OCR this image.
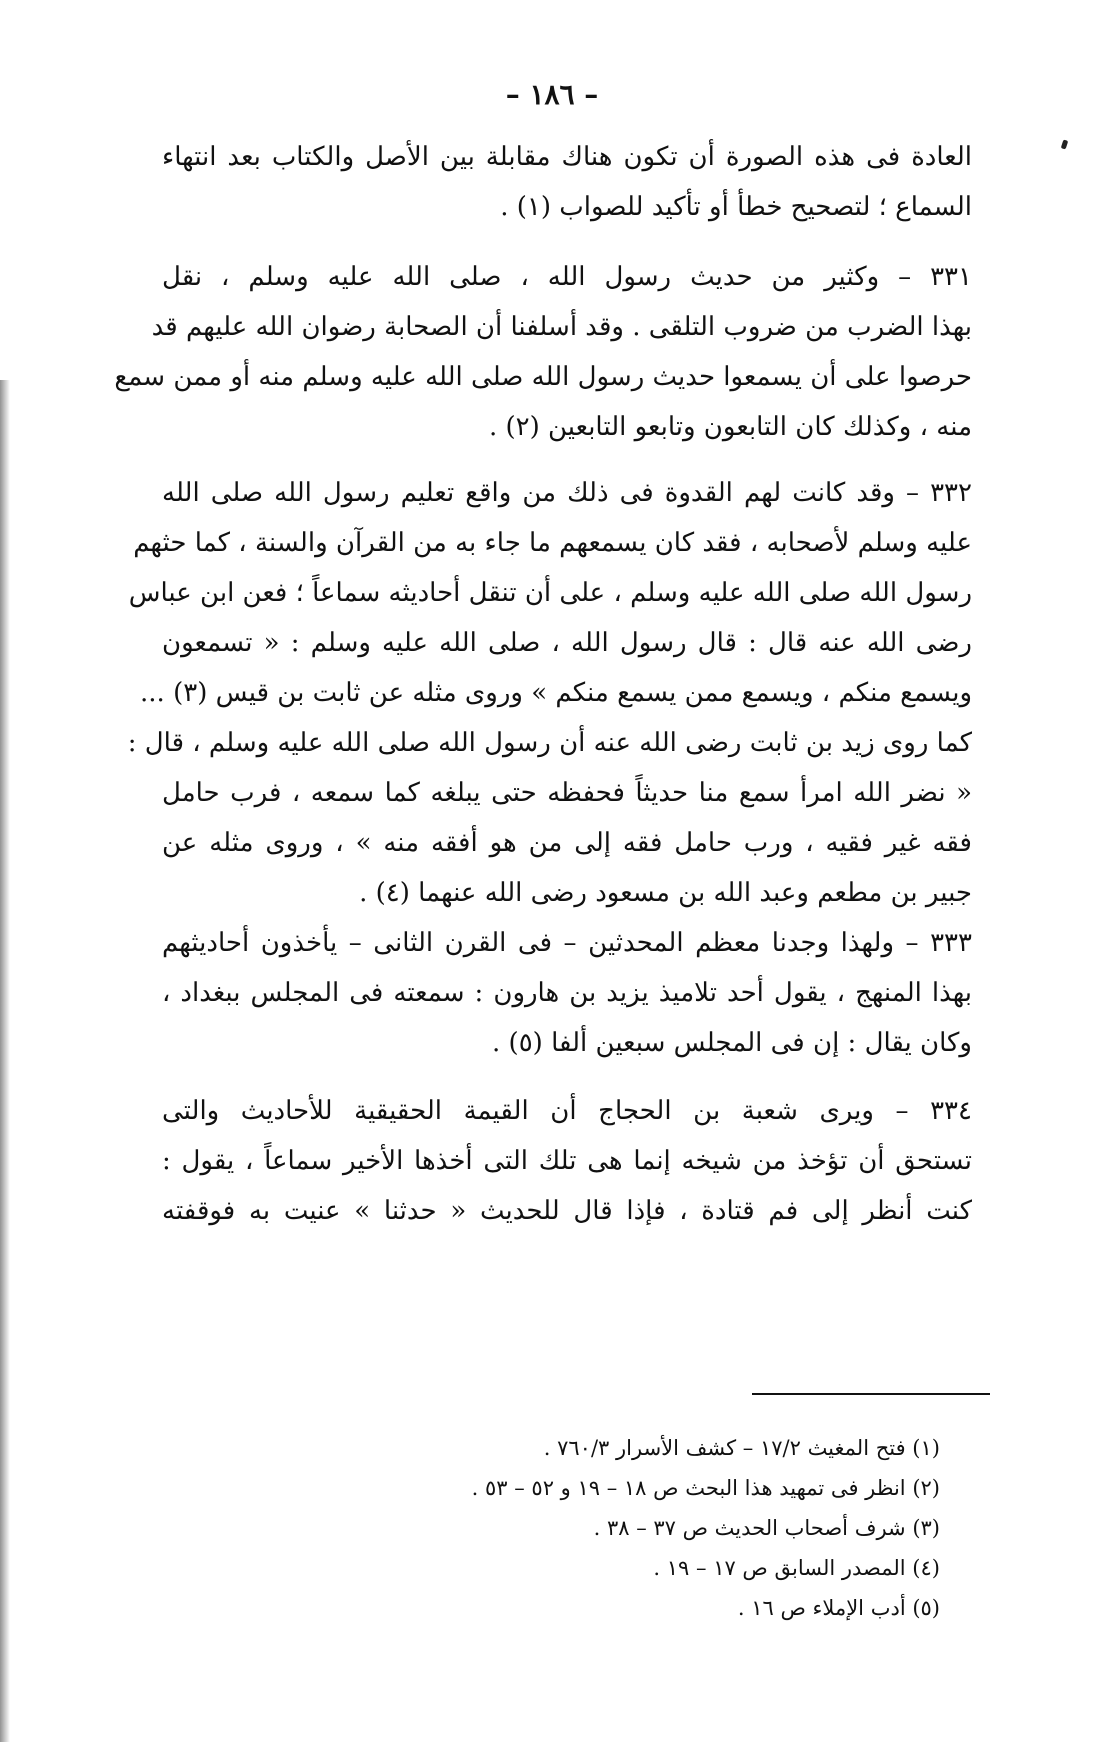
– ١٨٦ –
العادة فى هذه الصورة أن تكون هناك مقابلة بين الأصل والكتاب بعد انتهاء
السماع ؛ لتصحيح خطأ أو تأكيد للصواب (١) .
٣٣١ – وكثير من حديث رسول الله ، صلى الله عليه وسلم ، نقل
بهذا الضرب من ضروب التلقى . وقد أسلفنا أن الصحابة رضوان الله عليهم قد
حرصوا على أن يسمعوا حديث رسول الله صلى الله عليه وسلم منه أو ممن سمع
منه ، وكذلك كان التابعون وتابعو التابعين (٢) .
٣٣٢ – وقد كانت لهم القدوة فى ذلك من واقع تعليم رسول الله صلى الله
عليه وسلم لأصحابه ، فقد كان يسمعهم ما جاء به من القرآن والسنة ، كما حثهم
رسول الله صلى الله عليه وسلم ، على أن تنقل أحاديثه سماعاً ؛ فعن ابن عباس
رضى الله عنه قال : قال رسول الله ، صلى الله عليه وسلم : « تسمعون
ويسمع منكم ، ويسمع ممن يسمع منكم » وروى مثله عن ثابت بن قيس (٣) ...
كما روى زيد بن ثابت رضى الله عنه أن رسول الله صلى الله عليه وسلم ، قال :
« نضر الله امرأ سمع منا حديثاً فحفظه حتى يبلغه كما سمعه ، فرب حامل
فقه غير فقيه ، ورب حامل فقه إلى من هو أفقه منه » ، وروى مثله عن
جبير بن مطعم وعبد الله بن مسعود رضى الله عنهما (٤) .
٣٣٣ – ولهذا وجدنا معظم المحدثين – فى القرن الثانى – يأخذون أحاديثهم
بهذا المنهج ، يقول أحد تلاميذ يزيد بن هارون : سمعته فى المجلس ببغداد ،
وكان يقال : إن فى المجلس سبعين ألفا (٥) .
٣٣٤ – ويرى شعبة بن الحجاج أن القيمة الحقيقية للأحاديث والتى
تستحق أن تؤخذ من شيخه إنما هى تلك التى أخذها الأخير سماعاً ، يقول :
كنت أنظر إلى فم قتادة ، فإذا قال للحديث « حدثنا » عنيت به فوقفته
(١) فتح المغيث ١٧/٢ – كشف الأسرار ٧٦٠/٣ .
(٢) انظر فى تمهيد هذا البحث ص ١٨ – ١٩ و ٥٢ – ٥٣ .
(٣) شرف أصحاب الحديث ص ٣٧ – ٣٨ .
(٤) المصدر السابق ص ١٧ – ١٩ .
(٥) أدب الإملاء ص ١٦ .
